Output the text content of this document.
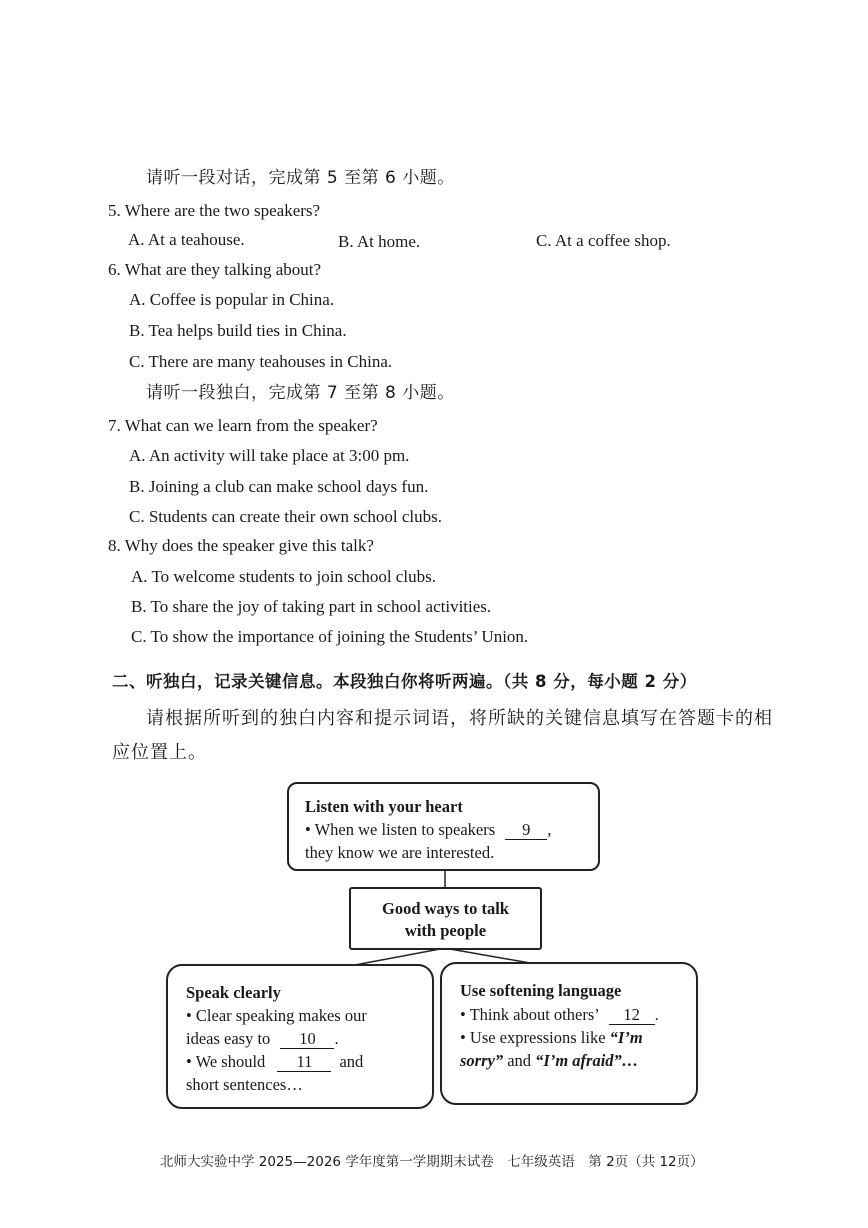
请听一段对话，完成第 5 至第 6 小题。
5. Where are the two speakers?
A. At a teahouse.	B. At home.	C. At a coffee shop.
6. What are they talking about?
A. Coffee is popular in China.
B. Tea helps build ties in China.
C. There are many teahouses in China.
请听一段独白，完成第 7 至第 8 小题。
7. What can we learn from the speaker?
A. An activity will take place at 3:00 pm.
B. Joining a club can make school days fun.
C. Students can create their own school clubs.
8. Why does the speaker give this talk?
A. To welcome students to join school clubs.
B. To share the joy of taking part in school activities.
C. To show the importance of joining the Students’ Union.
二、听独白，记录关键信息。本段独白你将听两遍。（共 8 分，每小题 2 分）
请根据所听到的独白内容和提示词语，将所缺的关键信息填写在答题卡的相
应位置上。
Listen with your heart
• When we listen to speakers 9 ,
they know we are interested.
Good ways to talk
with people
Speak clearly
• Clear speaking makes our
ideas easy to 10 .
• We should 11 and
short sentences…
Use softening language
• Think about others’ 12 .
• Use expressions like “I’m
sorry” and “I’m afraid”…
北师大实验中学 2025—2026 学年度第一学期期末试卷　七年级英语　第 2页（共 12页）
